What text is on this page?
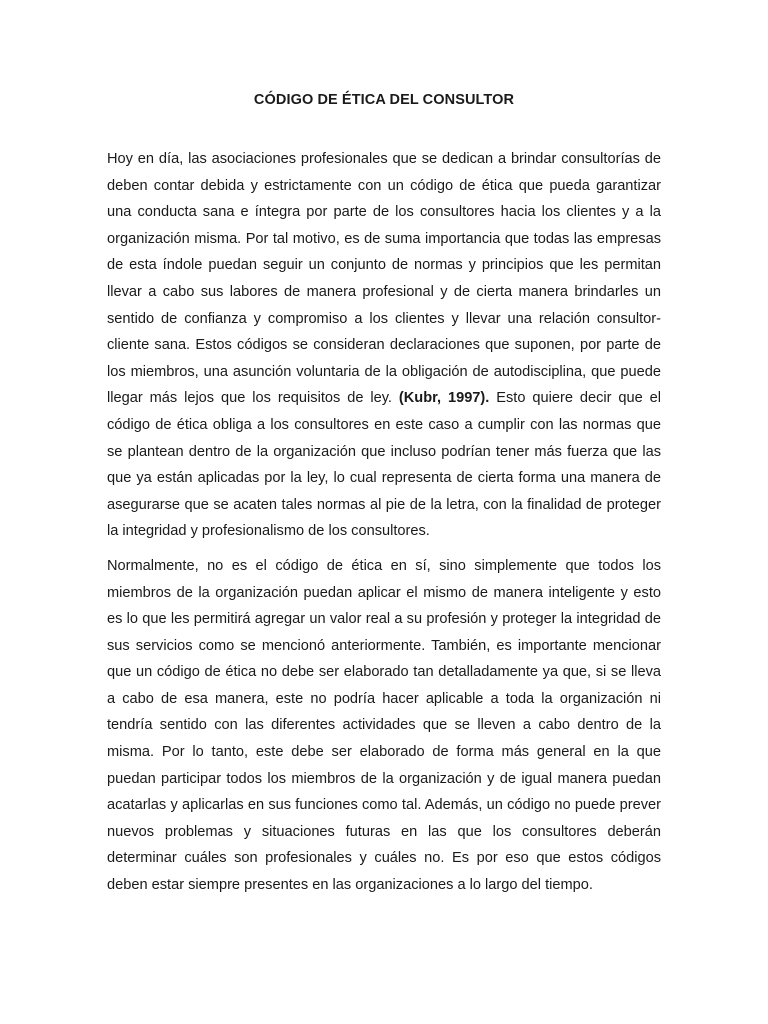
CÓDIGO DE ÉTICA DEL CONSULTOR

Hoy en día, las asociaciones profesionales que se dedican a brindar consultorías de deben contar debida y estrictamente con un código de ética que pueda garantizar una conducta sana e íntegra por parte de los consultores hacia los clientes y a la organización misma. Por tal motivo, es de suma importancia que todas las empresas de esta índole puedan seguir un conjunto de normas y principios que les permitan llevar a cabo sus labores de manera profesional y de cierta manera brindarles un sentido de confianza y compromiso a los clientes y llevar una relación consultor-cliente sana. Estos códigos se consideran declaraciones que suponen, por parte de los miembros, una asunción voluntaria de la obligación de autodisciplina, que puede llegar más lejos que los requisitos de ley. (Kubr, 1997). Esto quiere decir que el código de ética obliga a los consultores en este caso a cumplir con las normas que se plantean dentro de la organización que incluso podrían tener más fuerza que las que ya están aplicadas por la ley, lo cual representa de cierta forma una manera de asegurarse que se acaten tales normas al pie de la letra, con la finalidad de proteger la integridad y profesionalismo de los consultores.

Normalmente, no es el código de ética en sí, sino simplemente que todos los miembros de la organización puedan aplicar el mismo de manera inteligente y esto es lo que les permitirá agregar un valor real a su profesión y proteger la integridad de sus servicios como se mencionó anteriormente. También, es importante mencionar que un código de ética no debe ser elaborado tan detalladamente ya que, si se lleva a cabo de esa manera, este no podría hacer aplicable a toda la organización ni tendría sentido con las diferentes actividades que se lleven a cabo dentro de la misma. Por lo tanto, este debe ser elaborado de forma más general en la que puedan participar todos los miembros de la organización y de igual manera puedan acatarlas y aplicarlas en sus funciones como tal. Además, un código no puede prever nuevos problemas y situaciones futuras en las que los consultores deberán determinar cuáles son profesionales y cuáles no. Es por eso que estos códigos deben estar siempre presentes en las organizaciones a lo largo del tiempo.
